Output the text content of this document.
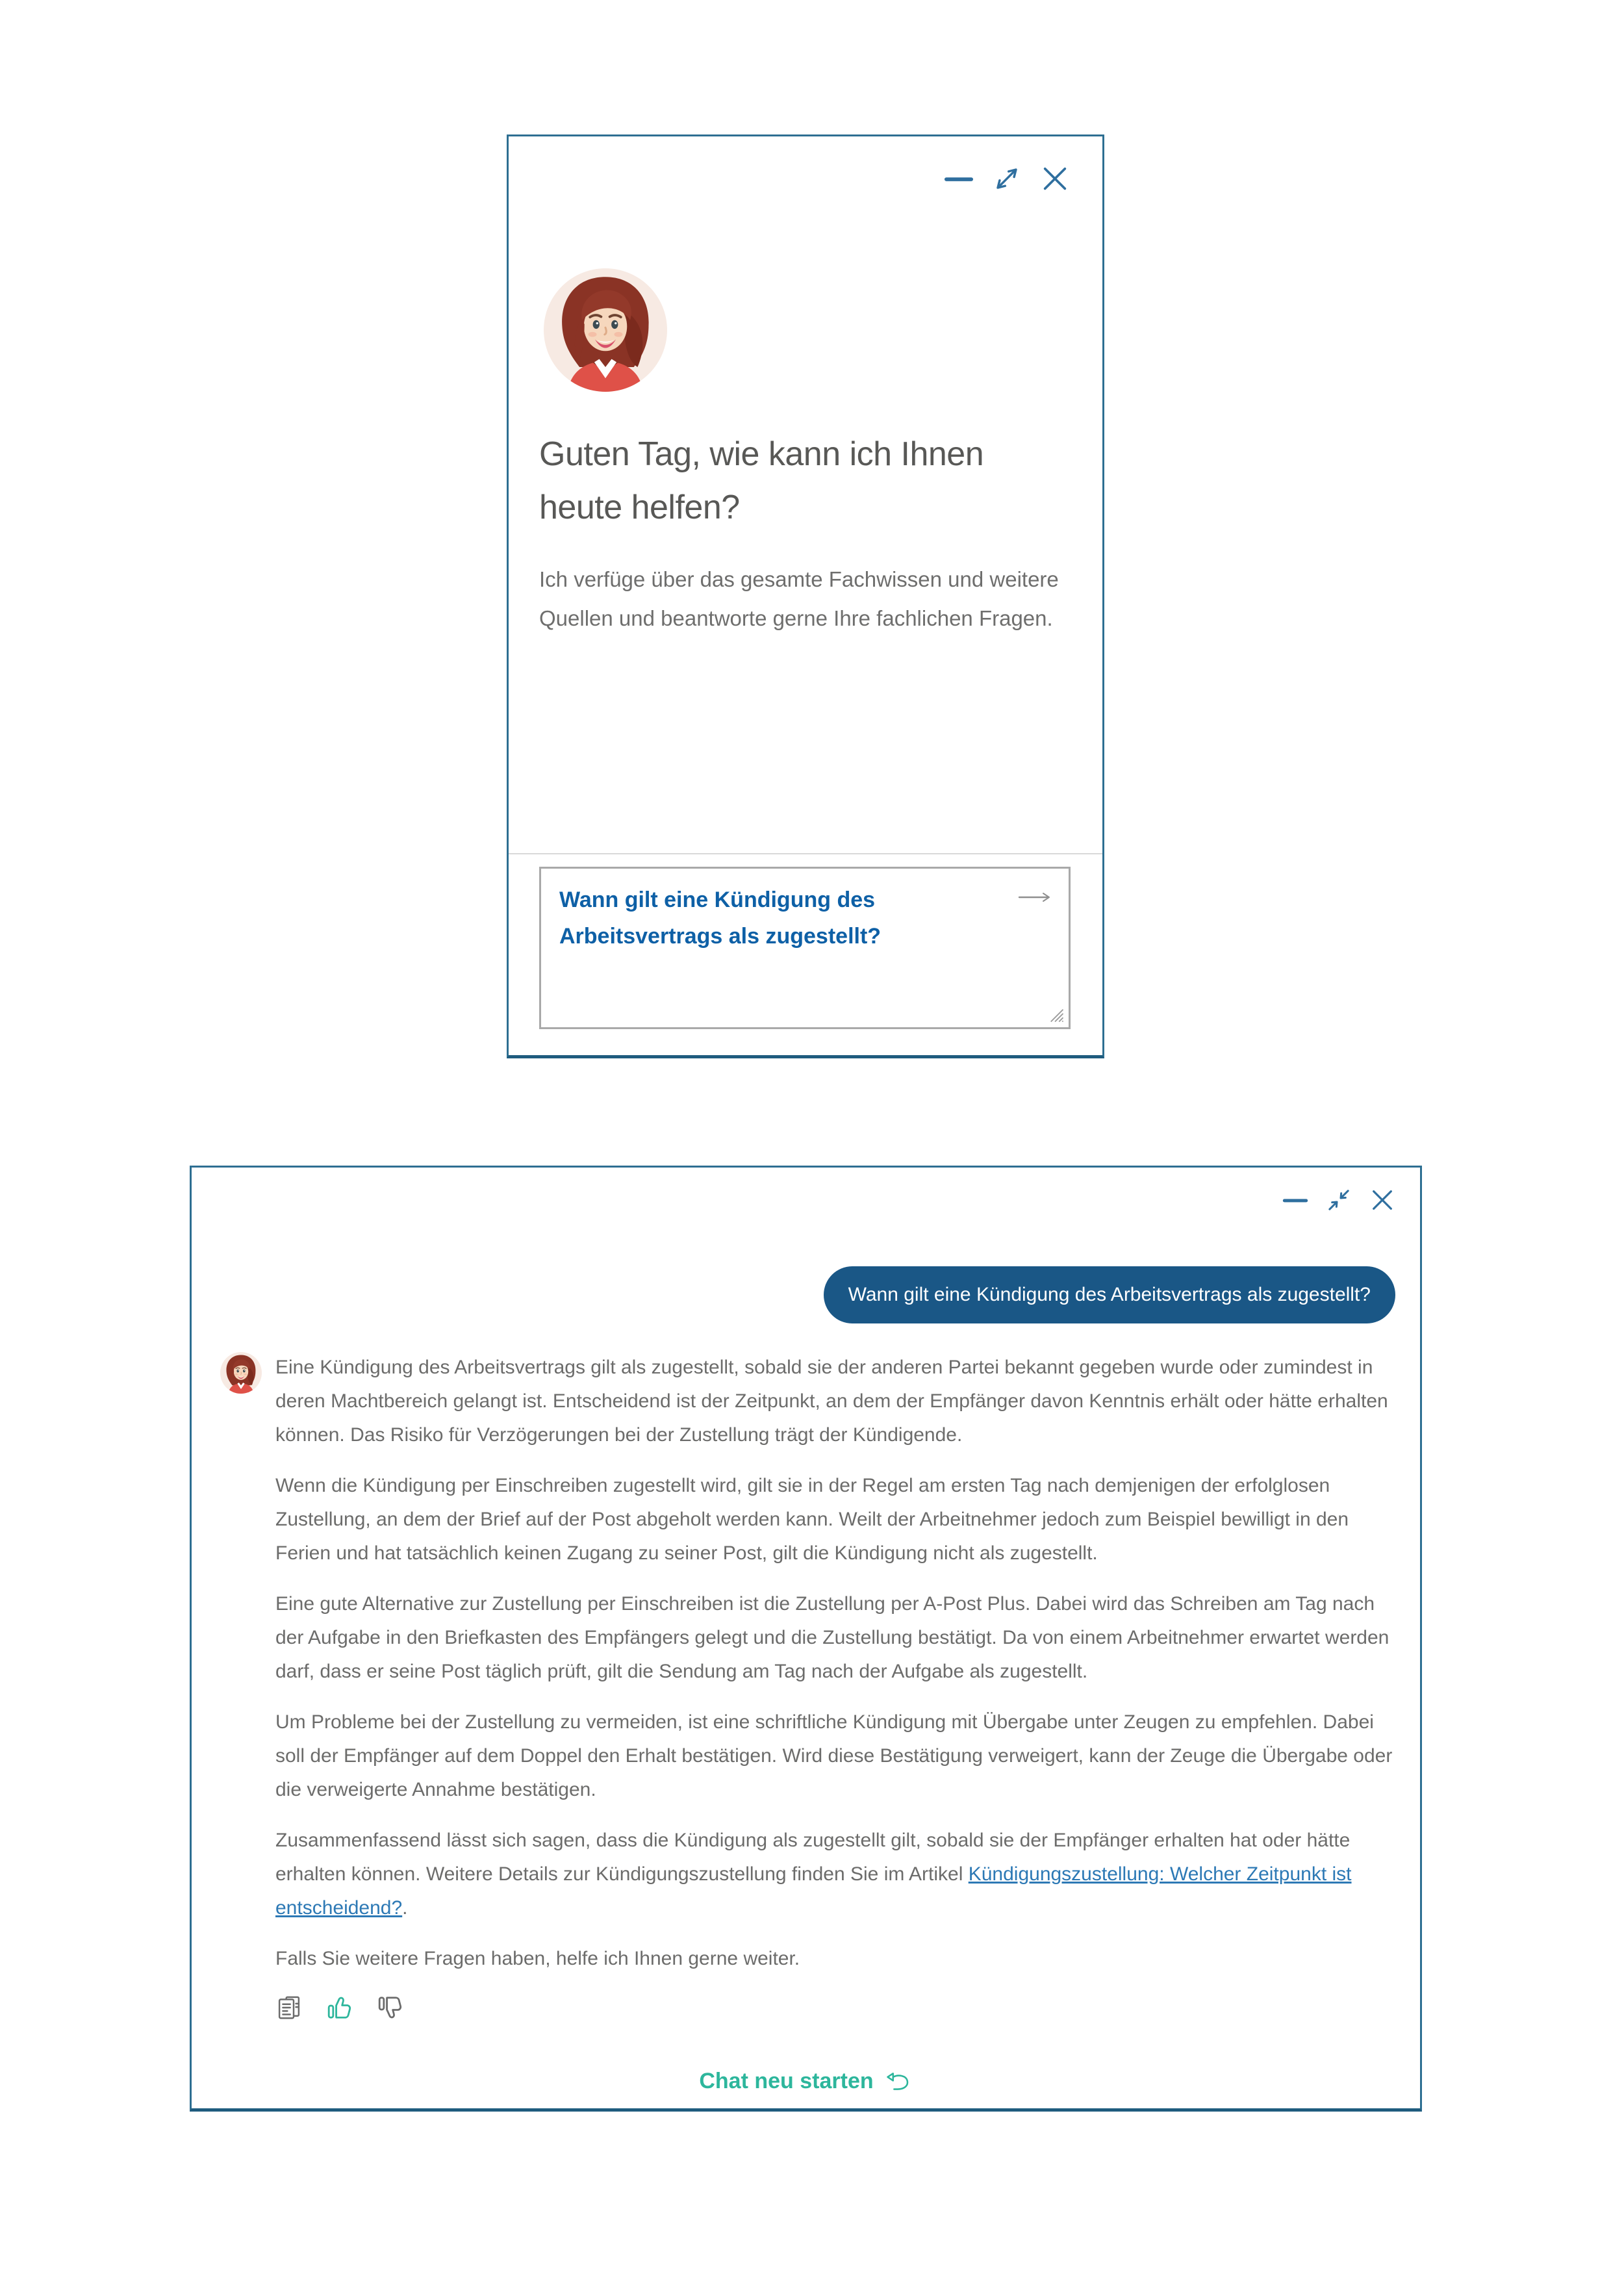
Guten Tag, wie kann ich Ihnen heute helfen?

Ich verfüge über das gesamte Fachwissen und weitere Quellen und beantworte gerne Ihre fachlichen Fragen.

Wann gilt eine Kündigung des Arbeitsvertrags als zugestellt?
Wann gilt eine Kündigung des Arbeitsvertrags als zugestellt?

Eine Kündigung des Arbeitsvertrags gilt als zugestellt, sobald sie der anderen Partei bekannt gegeben wurde oder zumindest in deren Machtbereich gelangt ist. Entscheidend ist der Zeitpunkt, an dem der Empfänger davon Kenntnis erhält oder hätte erhalten können. Das Risiko für Verzögerungen bei der Zustellung trägt der Kündigende.

Wenn die Kündigung per Einschreiben zugestellt wird, gilt sie in der Regel am ersten Tag nach demjenigen der erfolglosen Zustellung, an dem der Brief auf der Post abgeholt werden kann. Weilt der Arbeitnehmer jedoch zum Beispiel bewilligt in den Ferien und hat tatsächlich keinen Zugang zu seiner Post, gilt die Kündigung nicht als zugestellt.

Eine gute Alternative zur Zustellung per Einschreiben ist die Zustellung per A-Post Plus. Dabei wird das Schreiben am Tag nach der Aufgabe in den Briefkasten des Empfängers gelegt und die Zustellung bestätigt. Da von einem Arbeitnehmer erwartet werden darf, dass er seine Post täglich prüft, gilt die Sendung am Tag nach der Aufgabe als zugestellt.

Um Probleme bei der Zustellung zu vermeiden, ist eine schriftliche Kündigung mit Übergabe unter Zeugen zu empfehlen. Dabei soll der Empfänger auf dem Doppel den Erhalt bestätigen. Wird diese Bestätigung verweigert, kann der Zeuge die Übergabe oder die verweigerte Annahme bestätigen.

Zusammenfassend lässt sich sagen, dass die Kündigung als zugestellt gilt, sobald sie der Empfänger erhalten hat oder hätte erhalten können. Weitere Details zur Kündigungszustellung finden Sie im Artikel Kündigungszustellung: Welcher Zeitpunkt ist entscheidend?.

Falls Sie weitere Fragen haben, helfe ich Ihnen gerne weiter.

Chat neu starten
